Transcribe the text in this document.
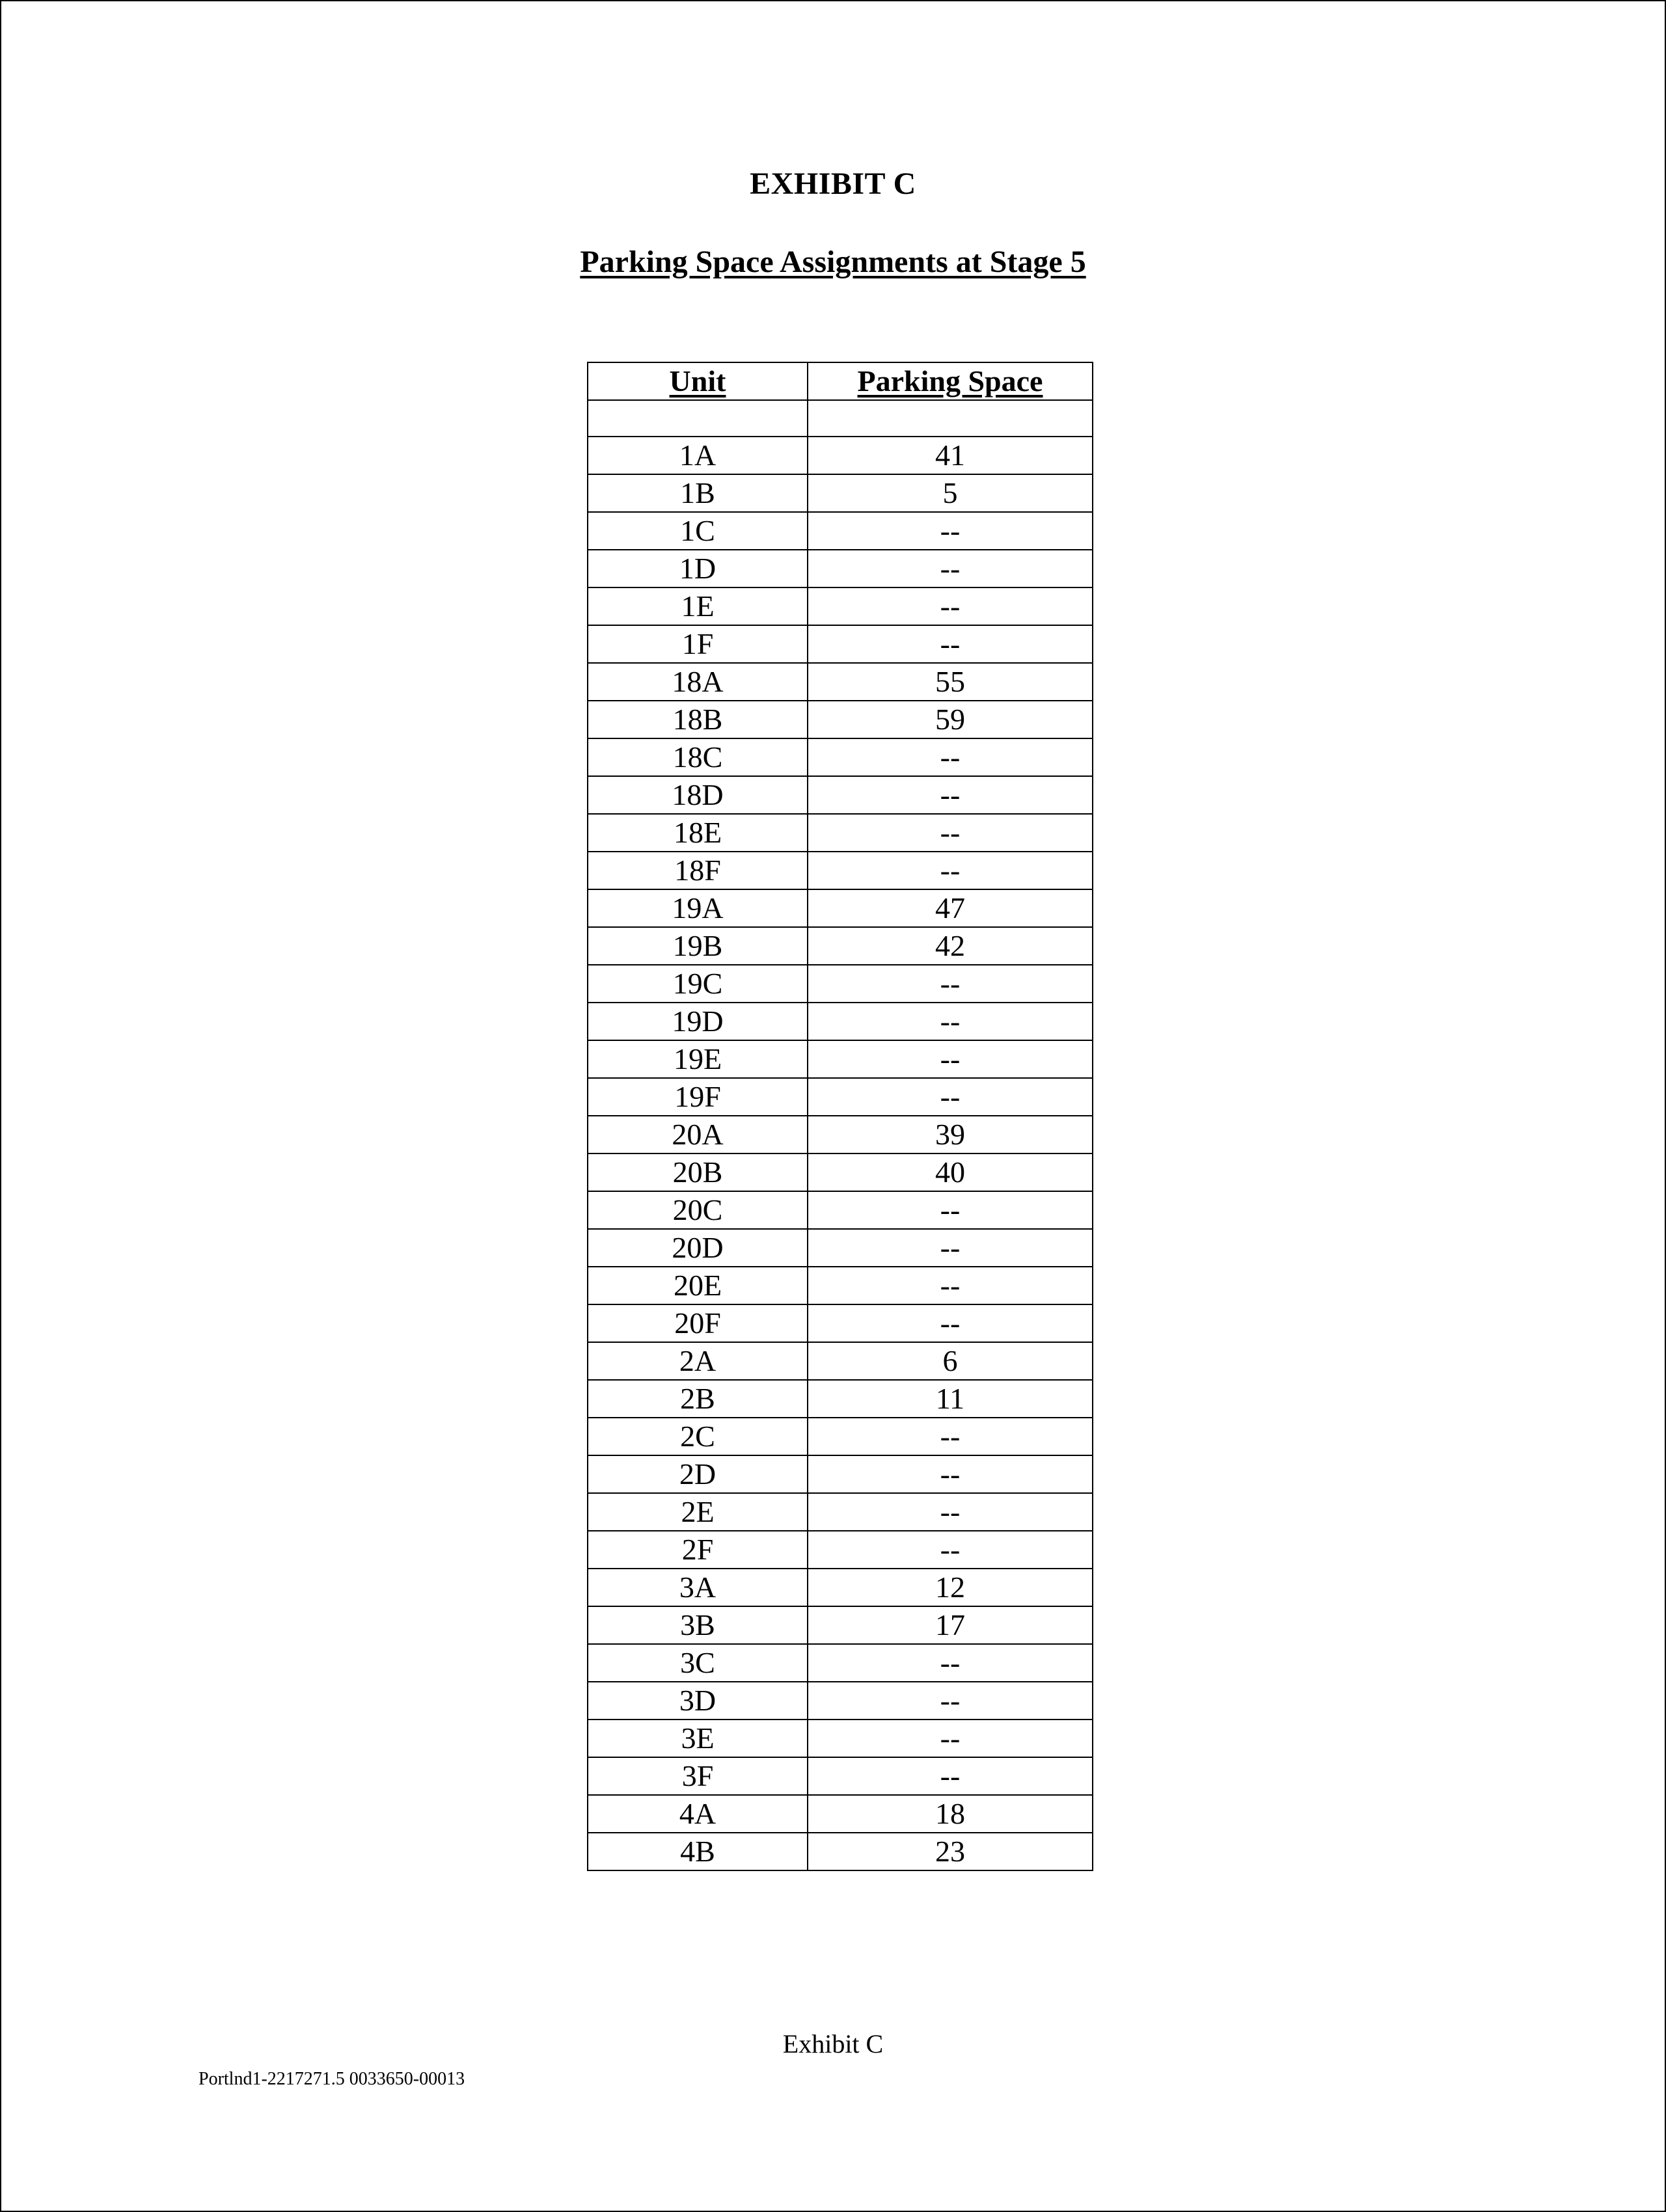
EXHIBIT C
Parking Space Assignments at Stage 5
Unit	Parking Space

1A	41
1B	5
1C	--
1D	--
1E	--
1F	--
18A	55
18B	59
18C	--
18D	--
18E	--
18F	--
19A	47
19B	42
19C	--
19D	--
19E	--
19F	--
20A	39
20B	40
20C	--
20D	--
20E	--
20F	--
2A	6
2B	11
2C	--
2D	--
2E	--
2F	--
3A	12
3B	17
3C	--
3D	--
3E	--
3F	--
4A	18
4B	23
Exhibit C
Portlnd1-2217271.5 0033650-00013
